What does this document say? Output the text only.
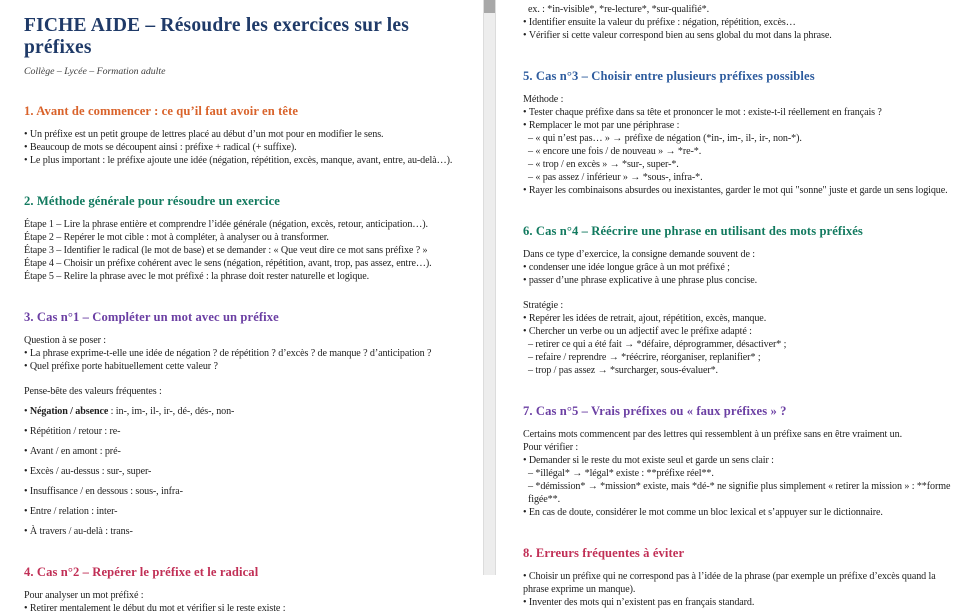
FICHE AIDE – Résoudre les exercices sur les préfixes

Collège – Lycée – Formation adulte

1. Avant de commencer : ce qu’il faut avoir en tête

• Un préfixe est un petit groupe de lettres placé au début d’un mot pour en modifier le sens.

• Beaucoup de mots se découpent ainsi : préfixe + radical (+ suffixe).

• Le plus important : le préfixe ajoute une idée (négation, répétition, excès, manque, avant, entre, au-delà…).

2. Méthode générale pour résoudre un exercice

Étape 1 – Lire la phrase entière et comprendre l’idée générale (négation, excès, retour, anticipation…).

Étape 2 – Repérer le mot cible : mot à compléter, à analyser ou à transformer.

Étape 3 – Identifier le radical (le mot de base) et se demander : « Que veut dire ce mot sans préfixe ? »

Étape 4 – Choisir un préfixe cohérent avec le sens (négation, répétition, avant, trop, pas assez, entre…).

Étape 5 – Relire la phrase avec le mot préfixé : la phrase doit rester naturelle et logique.

3. Cas n°1 – Compléter un mot avec un préfixe

Question à se poser :

• La phrase exprime-t-elle une idée de négation ? de répétition ? d’excès ? de manque ? d’anticipation ?

• Quel préfixe porte habituellement cette valeur ?

Pense-bête des valeurs fréquentes :

• Négation / absence : in-, im-, il-, ir-, dé-, dés-, non-

• Répétition / retour : re-

• Avant / en amont : pré-

• Excès / au-dessus : sur-, super-

• Insuffisance / en dessous : sous-, infra-

• Entre / relation : inter-

• À travers / au-delà : trans-

4. Cas n°2 – Repérer le préfixe et le radical

Pour analyser un mot préfixé :

• Retirer mentalement le début du mot et vérifier si le reste existe :

ex. : *in-visible*, *re-lecture*, *sur-qualifié*.

• Identifier ensuite la valeur du préfixe : négation, répétition, excès…

• Vérifier si cette valeur correspond bien au sens global du mot dans la phrase.

5. Cas n°3 – Choisir entre plusieurs préfixes possibles

Méthode :

• Tester chaque préfixe dans sa tête et prononcer le mot : existe-t-il réellement en français ?

• Remplacer le mot par une périphrase :

– « qui n’est pas… » → préfixe de négation (*in-, im-, il-, ir-, non-*).

– « encore une fois / de nouveau » → *re-*.

– « trop / en excès » → *sur-, super-*.

– « pas assez / inférieur » → *sous-, infra-*.

• Rayer les combinaisons absurdes ou inexistantes, garder le mot qui "sonne" juste et garde un sens logique.

6. Cas n°4 – Réécrire une phrase en utilisant des mots préfixés

Dans ce type d’exercice, la consigne demande souvent de :

• condenser une idée longue grâce à un mot préfixé ;

• passer d’une phrase explicative à une phrase plus concise.

Stratégie :

• Repérer les idées de retrait, ajout, répétition, excès, manque.

• Chercher un verbe ou un adjectif avec le préfixe adapté :

– retirer ce qui a été fait → *défaire, déprogrammer, désactiver* ;

– refaire / reprendre → *réécrire, réorganiser, replanifier* ;

– trop / pas assez → *surcharger, sous-évaluer*.

7. Cas n°5 – Vrais préfixes ou « faux préfixes » ?

Certains mots commencent par des lettres qui ressemblent à un préfixe sans en être vraiment un.

Pour vérifier :

• Demander si le reste du mot existe seul et garde un sens clair :

– *illégal* → *légal* existe : **préfixe réel**.

– *démission* → *mission* existe, mais *dé-* ne signifie plus simplement « retirer la mission » : **forme figée**.

• En cas de doute, considérer le mot comme un bloc lexical et s’appuyer sur le dictionnaire.

8. Erreurs fréquentes à éviter

• Choisir un préfixe qui ne correspond pas à l’idée de la phrase (par exemple un préfixe d’excès quand la phrase exprime un manque).

• Inventer des mots qui n’existent pas en français standard.
